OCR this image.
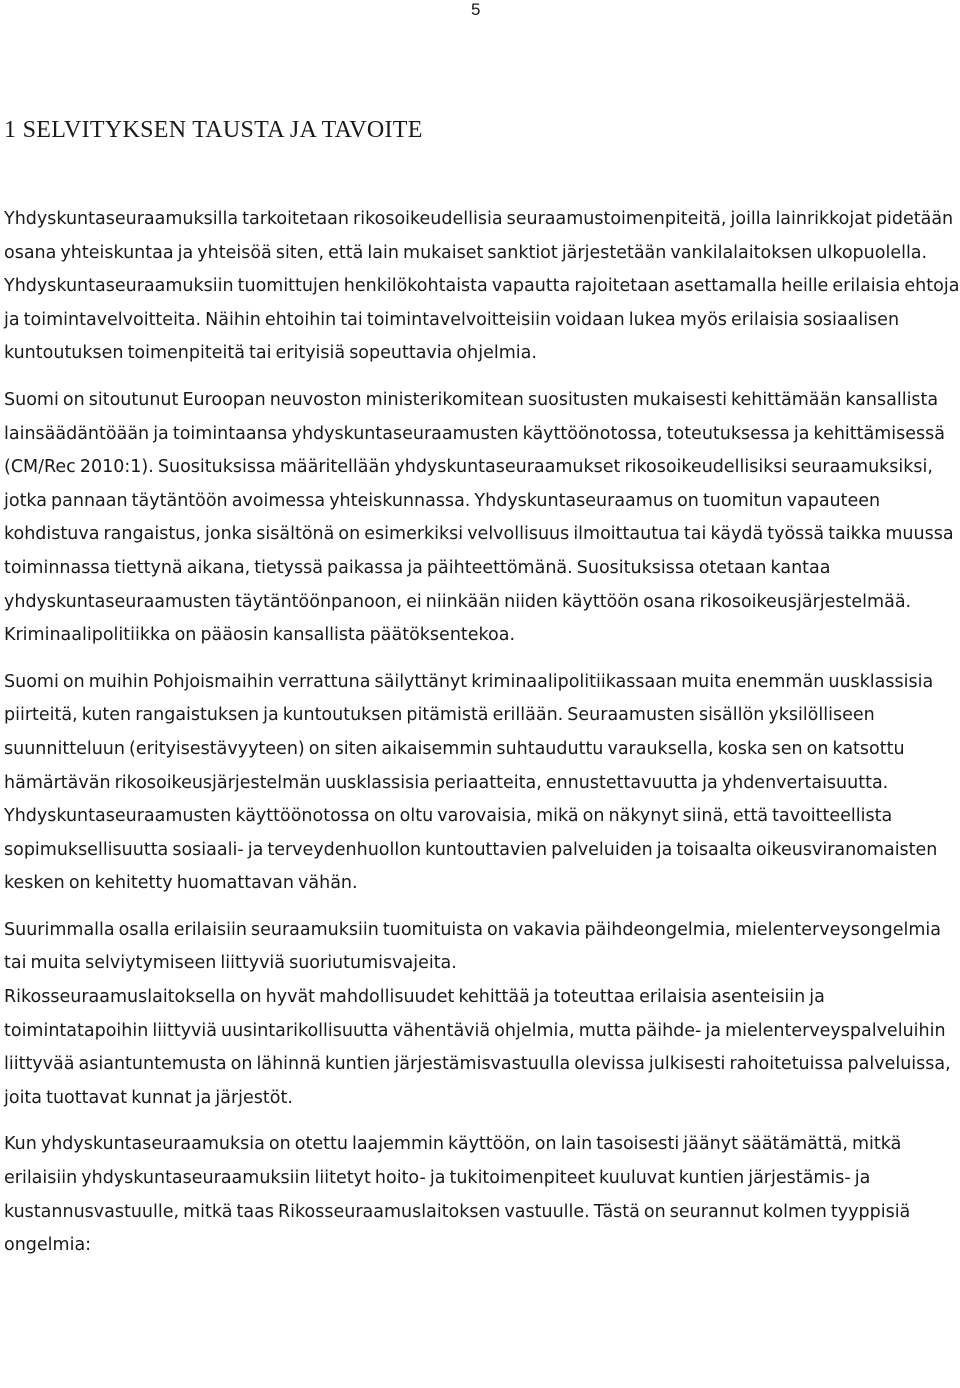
5
1 SELVITYKSEN TAUSTA JA TAVOITE

Yhdyskuntaseuraamuksilla tarkoitetaan rikosoikeudellisia seuraamustoimenpiteitä, joilla lainrikkojat pidetään osana yhteiskuntaa ja yhteisöä siten, että lain mukaiset sanktiot järjestetään vankilalaitoksen ulkopuolella. Yhdyskuntaseuraamuksiin tuomittujen henkilökohtaista vapautta rajoitetaan asettamalla heille erilaisia ehtoja ja toimintavelvoitteita. Näihin ehtoihin tai toimintavelvoitteisiin voidaan lukea myös erilaisia sosiaalisen kuntoutuksen toimenpiteitä tai erityisiä sopeuttavia ohjelmia.

Suomi on sitoutunut Euroopan neuvoston ministerikomitean suositusten mukaisesti kehittämään kansallista lainsäädäntöään ja toimintaansa yhdyskuntaseuraamusten käyttöönotossa, toteutuksessa ja kehittämisessä (CM/Rec 2010:1). Suosituksissa määritellään yhdyskuntaseuraamukset rikosoikeudellisiksi seuraamuksiksi, jotka pannaan täytäntöön avoimessa yhteiskunnassa. Yhdyskuntaseuraamus on tuomitun vapauteen kohdistuva rangaistus, jonka sisältönä on esimerkiksi velvollisuus ilmoittautua tai käydä työssä taikka muussa toiminnassa tiettynä aikana, tietyssä paikassa ja päihteettömänä. Suosituksissa otetaan kantaa yhdyskuntaseuraamusten täytäntöönpanoon, ei niinkään niiden käyttöön osana rikosoikeusjärjestelmää. Kriminaalipolitiikka on pääosin kansallista päätöksentekoa.

Suomi on muihin Pohjoismaihin verrattuna säilyttänyt kriminaalipolitiikassaan muita enemmän uusklassisia piirteitä, kuten rangaistuksen ja kuntoutuksen pitämistä erillään. Seuraamusten sisällön yksilölliseen suunnitteluun (erityisestävyyteen) on siten aikaisemmin suhtauduttu varauksella, koska sen on katsottu hämärtävän rikosoikeusjärjestelmän uusklassisia periaatteita, ennustettavuutta ja yhdenvertaisuutta. Yhdyskuntaseuraamusten käyttöönotossa on oltu varovaisia, mikä on näkynyt siinä, että tavoitteellista sopimuksellisuutta sosiaali- ja terveydenhuollon kuntouttavien palveluiden ja toisaalta oikeusviranomaisten kesken on kehitetty huomattavan vähän.

Suurimmalla osalla erilaisiin seuraamuksiin tuomituista on vakavia päihdeongelmia, mielenterveysongelmia tai muita selviytymiseen liittyviä suoriutumisvajeita.

Rikosseuraamuslaitoksella on hyvät mahdollisuudet kehittää ja toteuttaa erilaisia asenteisiin ja toimintatapoihin liittyviä uusintarikollisuutta vähentäviä ohjelmia, mutta päihde- ja mielenterveyspalveluihin liittyvää asiantuntemusta on lähinnä kuntien järjestämisvastuulla olevissa julkisesti rahoitetuissa palveluissa, joita tuottavat kunnat ja järjestöt.

Kun yhdyskuntaseuraamuksia on otettu laajemmin käyttöön, on lain tasoisesti jäänyt säätämättä, mitkä erilaisiin yhdyskuntaseuraamuksiin liitetyt hoito- ja tukitoimenpiteet kuuluvat kuntien järjestämis- ja kustannusvastuulle, mitkä taas Rikosseuraamuslaitoksen vastuulle. Tästä on seurannut kolmen tyyppisiä ongelmia:
